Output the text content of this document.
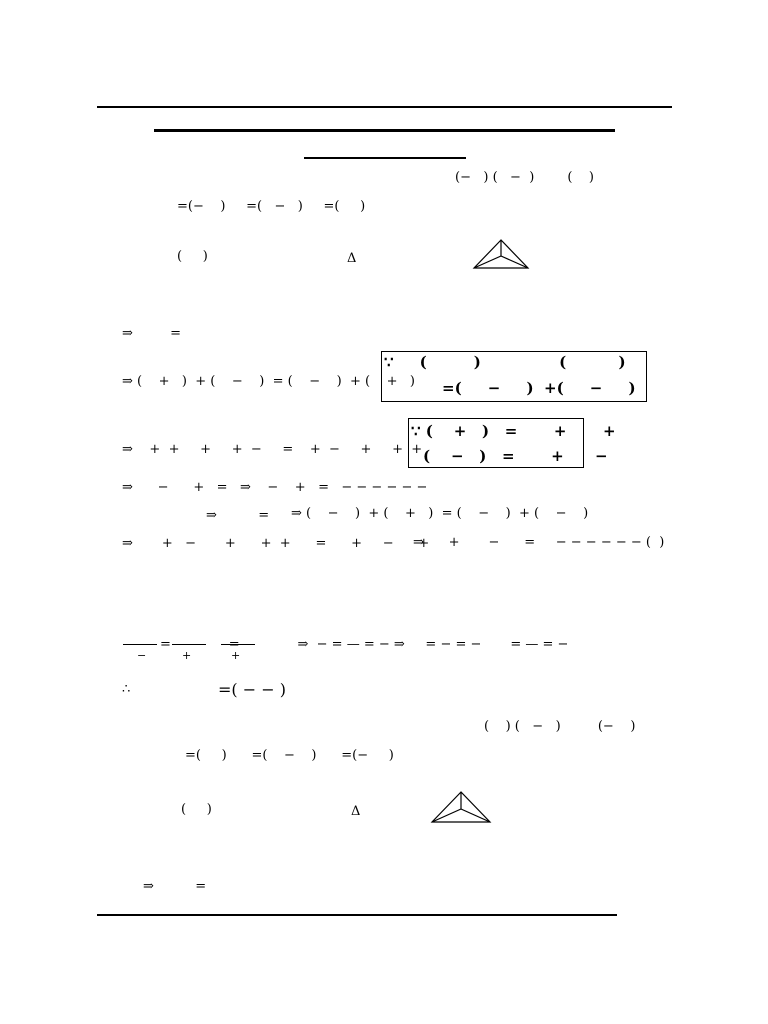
(−   ) (   −  )        (    )
=(−    )     =(   −   )     =(     )
(     )	Δ
⇒         =
∵     (         )               (          )
=(     −     )  +(     −     )
⇒ (    +   )  + (    −    )  = (    −    )  + (    +   )
∵ (    +   )   =       +       +
(    −   )   =       +      −
⇒    +  +     +     +  −     =    +  −     +     +  +
⇒      −      +   =   ⇒    −    +   =   − − − − − −
⇒          = ⇒ (    −    )  + (    +   )  = (    −    )  + (    −    )
⇒       +   −       +      +  +      =      +     −      +
⇒      +       −      =     − − − − − − (  )
=              =              ⇒  − = — = − ⇒     = − = −       = — = −
−	+	+
∴	=( − − )
(    ) (   −   )         (−    )
=(     )      =(    −    )      =(−     )
(     )	Δ
⇒          =
